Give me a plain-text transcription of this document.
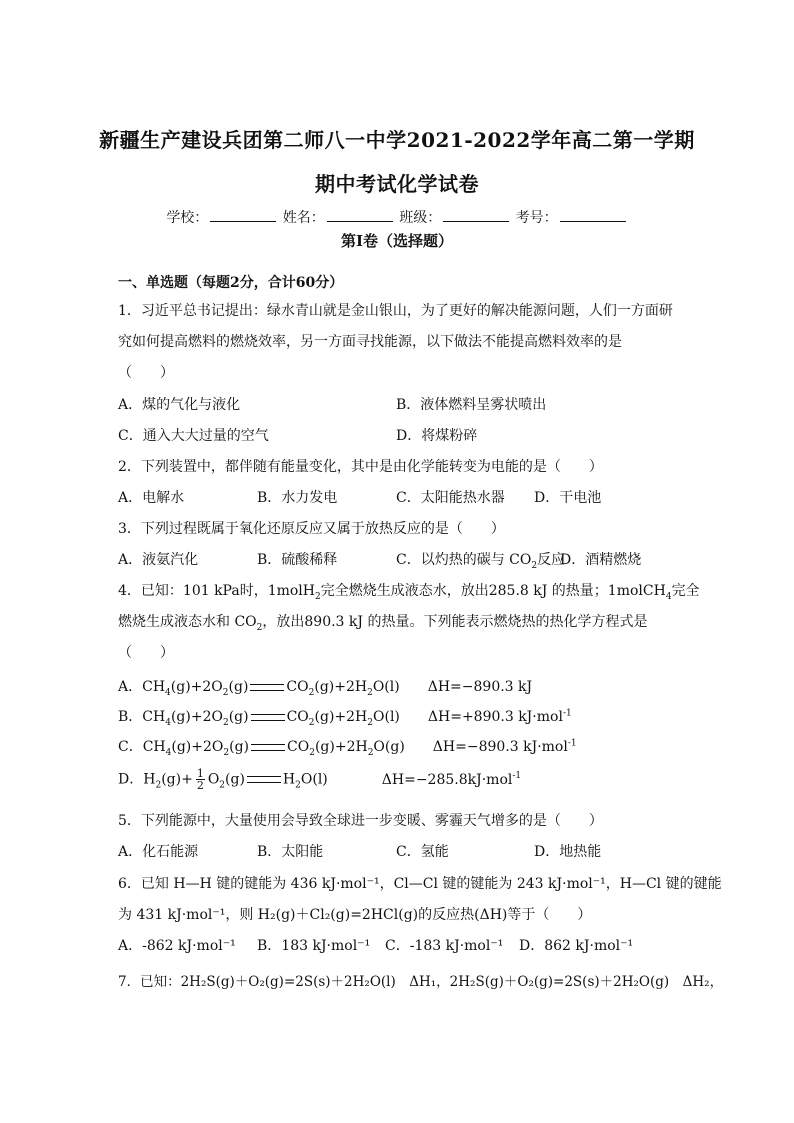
新疆生产建设兵团第二师八一中学2021-2022学年高二第一学期
期中考试化学试卷
学校：	姓名：	班级：	考号：
第I卷（选择题）
一、单选题（每题2分，合计60分）
1．习近平总书记提出：绿水青山就是金山银山，为了更好的解决能源问题，人们一方面研
究如何提高燃料的燃烧效率，另一方面寻找能源，以下做法不能提高燃料效率的是
（　　）
A．煤的气化与液化	B．液体燃料呈雾状喷出
C．通入大大过量的空气	D．将煤粉碎
2．下列装置中，都伴随有能量变化，其中是由化学能转变为电能的是（　　）
A．电解水	B．水力发电	C．太阳能热水器 D．干电池
3．下列过程既属于氧化还原反应又属于放热反应的是（　　）
A．液氨汽化	B．硫酸稀释	C．以灼热的碳与 $CO_2$反应
D．酒精燃烧
4．已知：101 kPa时，1molH$_2$完全燃烧生成液态水，放出285.8 kJ 的热量；1molCH$_4$完全
燃烧生成液态水和 $CO_2$，放出890.3 kJ 的热量。下列能表示燃烧热的热化学方程式是
（　　）
A．$CH_4(g)+2O_2(g)$	$CO_2(g)+2H_2O(l)$ ΔH=−890.3 kJ
B．$CH_4(g)+2O_2(g)$	$CO_2(g)+2H_2O(l)$ ΔH=+890.3 kJ·mol$^{-1}$
C．$CH_4(g)+2O_2(g)$	$CO_2(g)+2H_2O(g)$ ΔH=−890.3 kJ·mol$^{-1}$
D．$H_2(g)+ \frac{1}{2} O_2(g)$	$H_2O(l)$	ΔH=−285.8kJ·mol$^{-1}$
5．下列能源中，大量使用会导致全球进一步变暖、雾霾天气增多的是（　　）
A．化石能源	B．太阳能	C．氢能	D．地热能
6．已知 H—H 键的键能为 436 kJ·mol⁻¹，Cl—Cl 键的键能为 243 kJ·mol⁻¹，H—Cl 键的键能
为 431 kJ·mol⁻¹，则 H₂(g)＋Cl₂(g)=2HCl(g)的反应热(ΔH)等于（　　）
A．-862 kJ·mol⁻¹ B．183 kJ·mol⁻¹ C．-183 kJ·mol⁻¹ D．862 kJ·mol⁻¹
7．已知：2H₂S(g)＋O₂(g)=2S(s)＋2H₂O(l)　ΔH₁，2H₂S(g)＋O₂(g)=2S(s)＋2H₂O(g)　ΔH₂，
